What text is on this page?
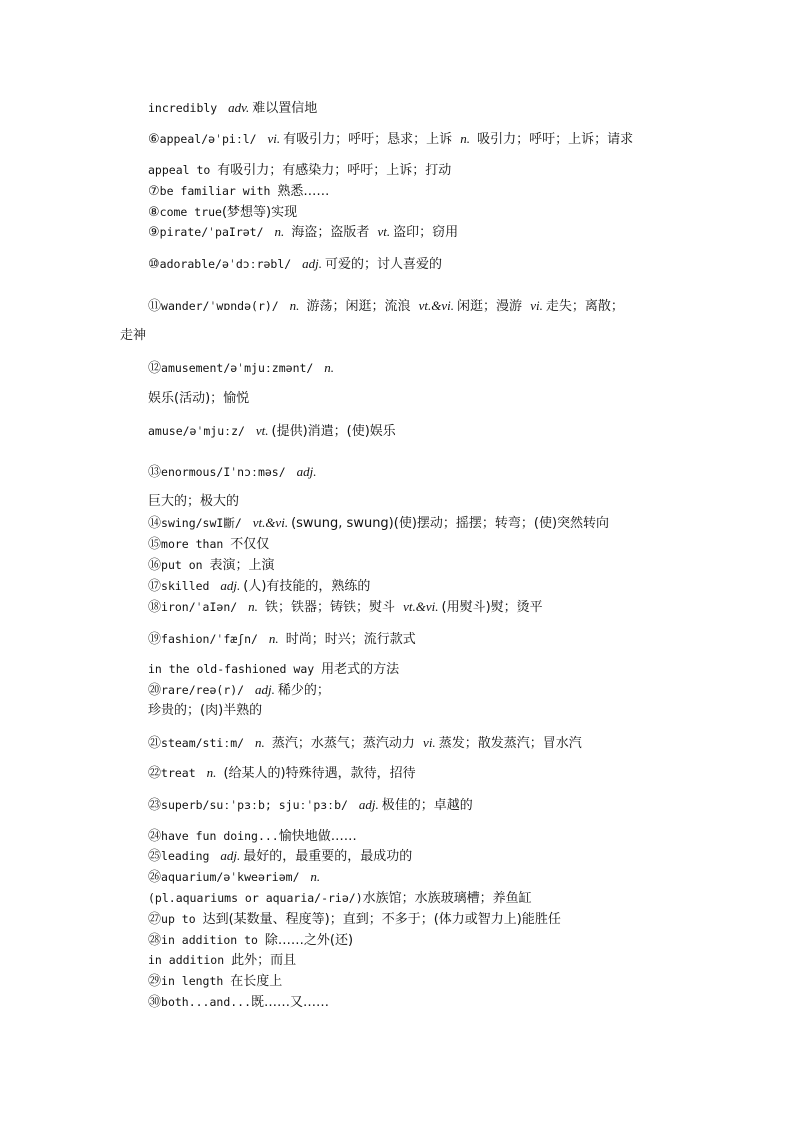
incredibly adv. 难以置信地
⑥appeal/əˈpiːl/ vi. 有吸引力；呼吁；恳求；上诉 n. 吸引力；呼吁；上诉；请求
appeal to 有吸引力；有感染力；呼吁；上诉；打动
⑦be familiar with 熟悉……
⑧come true(梦想等)实现
⑨pirate/ˈpaIrət/ n. 海盗；盗版者 vt. 盗印；窃用
⑩adorable/əˈdɔːrəbl/ adj. 可爱的；讨人喜爱的
⑪wander/ˈwɒndə(r)/ n. 游荡；闲逛；流浪 vt.&vi. 闲逛；漫游 vi. 走失；离散；
走神
⑫amusement/əˈmjuːzmənt/ n.
娱乐(活动)；愉悦
amuse/əˈmjuːz/ vt. (提供)消遣；(使)娱乐
⑬enormous/Iˈnɔːməs/ adj.
巨大的；极大的
⑭swing/swI斷/ vt.&vi. (swung, swung)(使)摆动；摇摆；转弯；(使)突然转向
⑮more than 不仅仅
⑯put on 表演；上演
⑰skilled adj. (人)有技能的，熟练的
⑱iron/ˈaIən/ n. 铁；铁器；铸铁；熨斗 vt.&vi. (用熨斗)熨；烫平
⑲fashion/ˈfæʃn/ n. 时尚；时兴；流行款式
in the old-fashioned way 用老式的方法
⑳rare/reə(r)/ adj. 稀少的；
珍贵的；(肉)半熟的
㉑steam/stiːm/ n. 蒸汽；水蒸气；蒸汽动力 vi. 蒸发；散发蒸汽；冒水汽
㉒treat n. (给某人的)特殊待遇，款待，招待
㉓superb/suːˈpɜːb; sjuːˈpɜːb/ adj. 极佳的；卓越的
㉔have fun doing...愉快地做……
㉕leading adj. 最好的，最重要的，最成功的
㉖aquarium/əˈkweəriəm/ n.
(pl.aquariums or aquaria/-riə/)水族馆；水族玻璃槽；养鱼缸
㉗up to 达到(某数量、程度等)；直到；不多于；(体力或智力上)能胜任
㉘in addition to 除……之外(还)
in addition 此外；而且
㉙in length 在长度上
㉚both...and...既……又……
